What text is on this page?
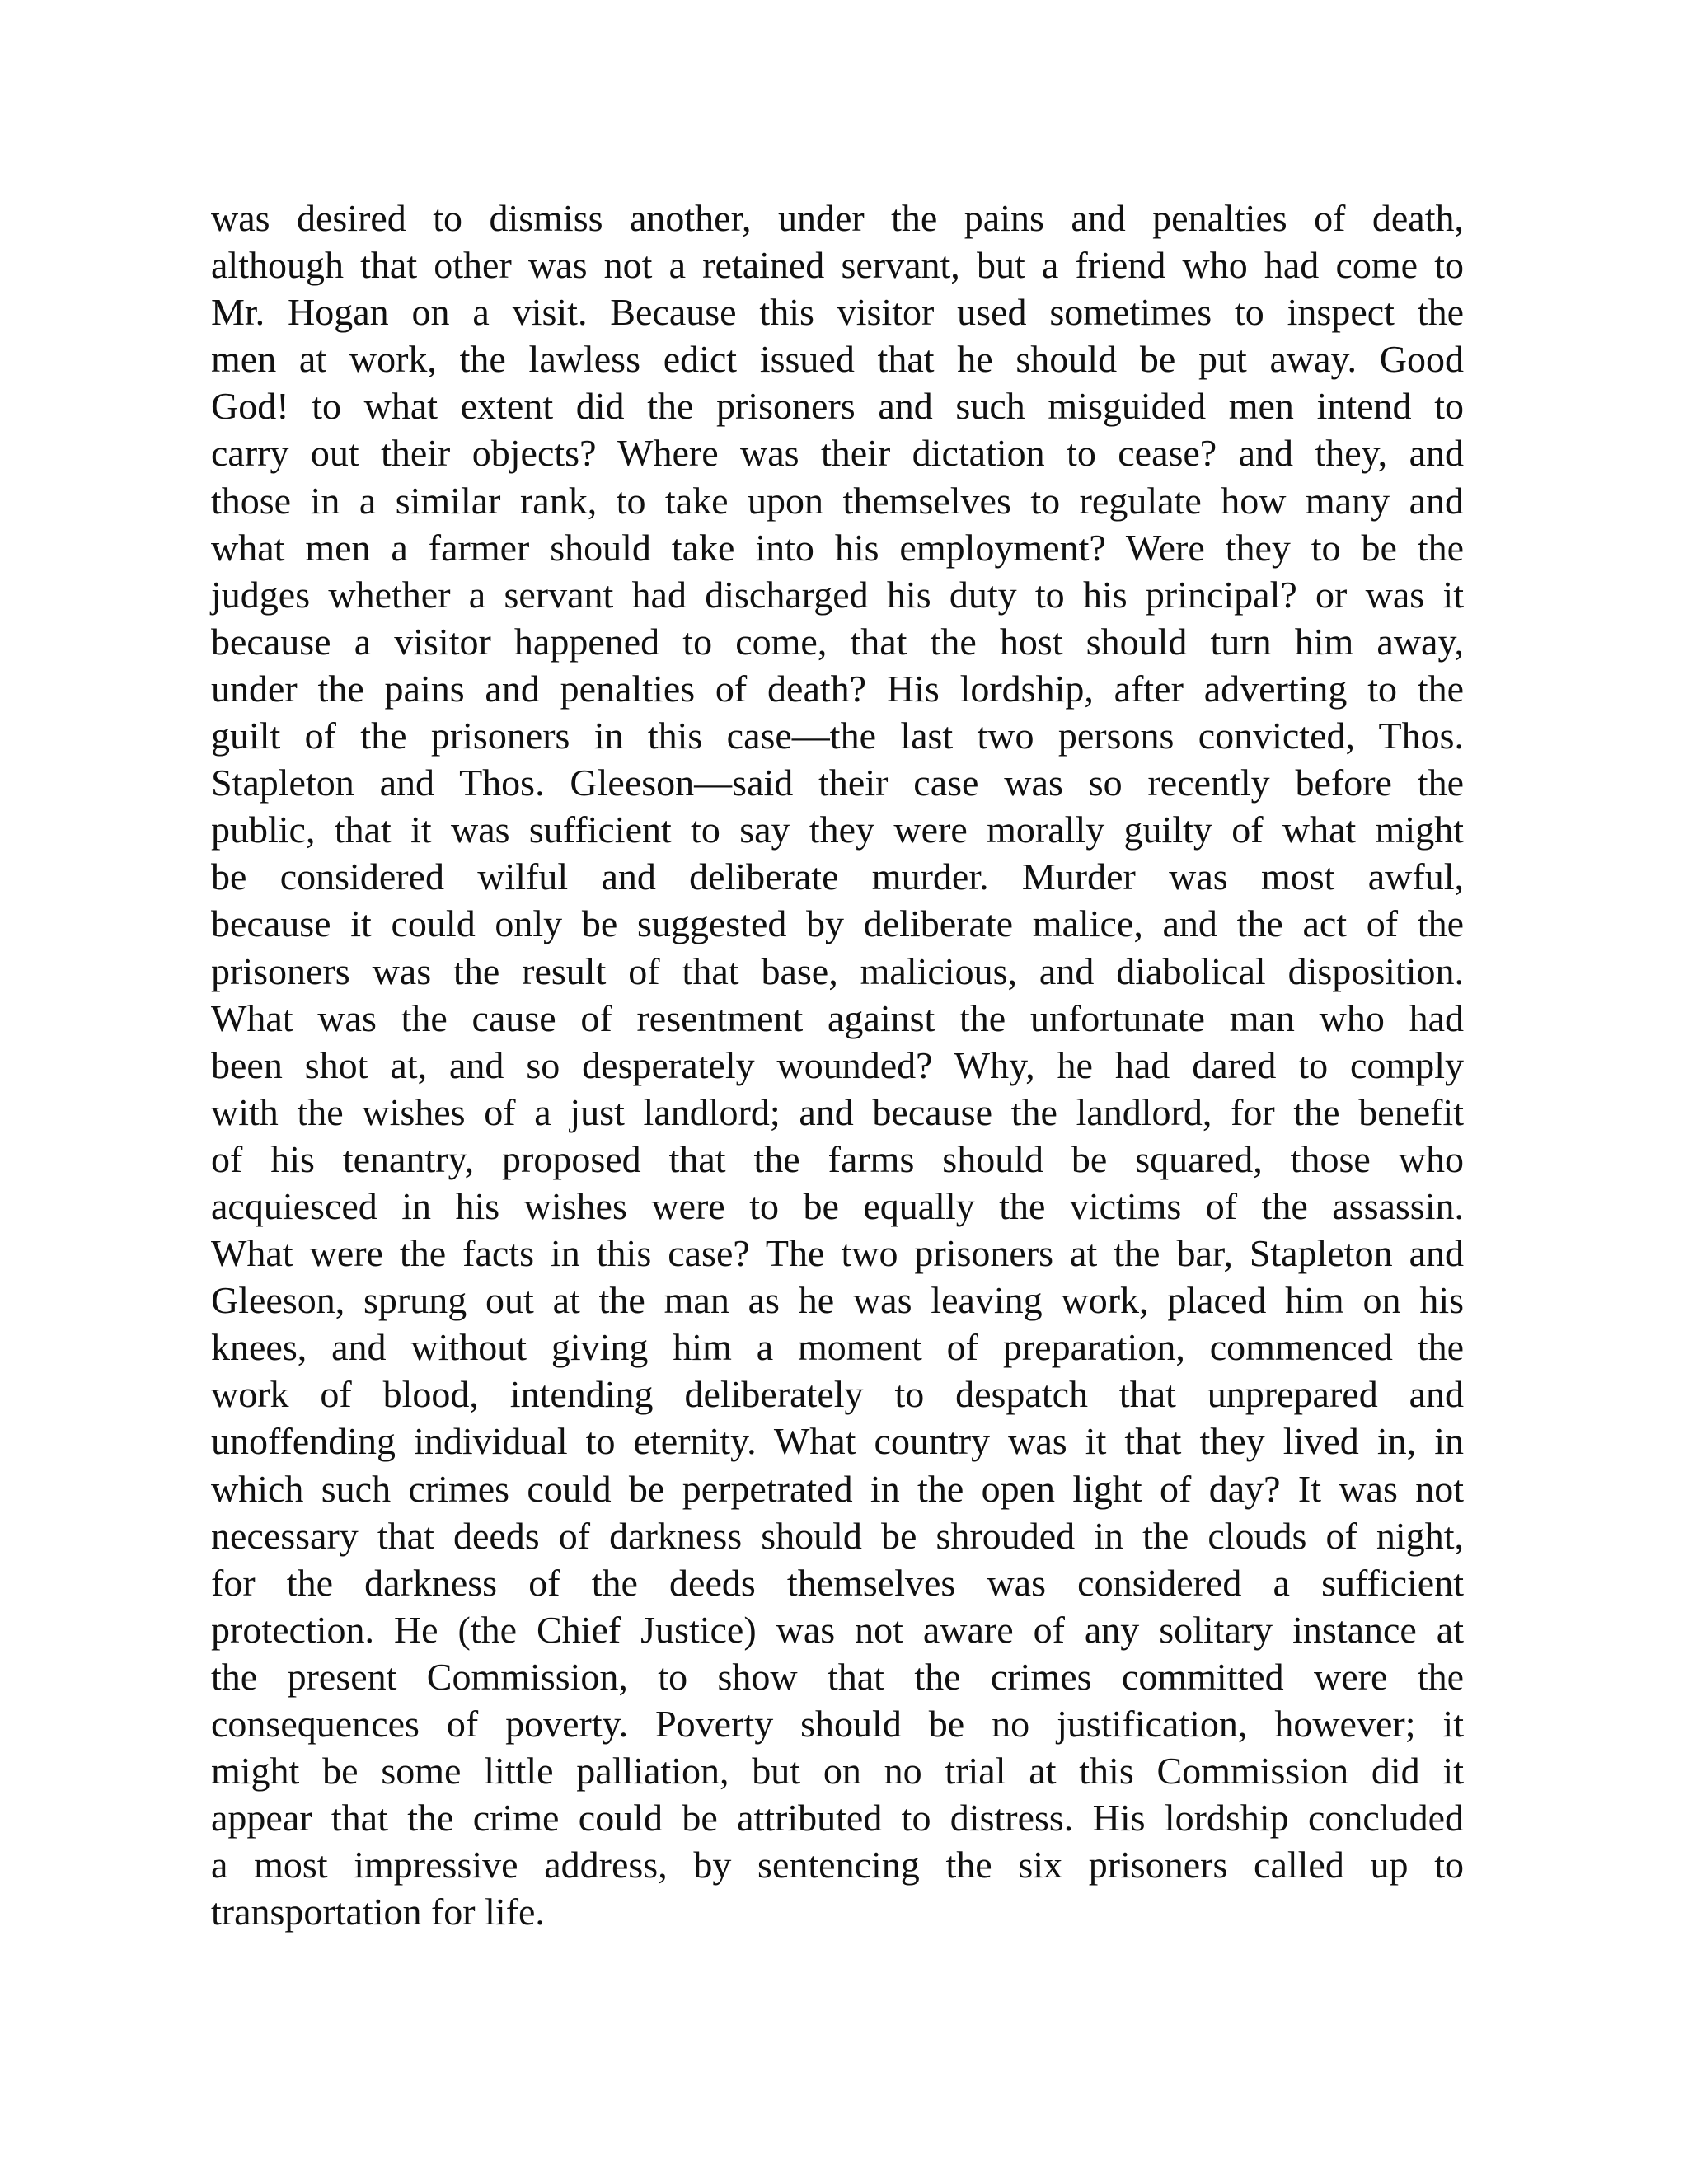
was desired to dismiss another, under the pains and penalties of death,
although that other was not a retained servant, but a friend who had come to
Mr. Hogan on a visit. Because this visitor used sometimes to inspect the
men at work, the lawless edict issued that he should be put away. Good
God! to what extent did the prisoners and such misguided men intend to
carry out their objects? Where was their dictation to cease? and they, and
those in a similar rank, to take upon themselves to regulate how many and
what men a farmer should take into his employment? Were they to be the
judges whether a servant had discharged his duty to his principal? or was it
because a visitor happened to come, that the host should turn him away,
under the pains and penalties of death? His lordship, after adverting to the
guilt of the prisoners in this case—the last two persons convicted, Thos.
Stapleton and Thos. Gleeson—said their case was so recently before the
public, that it was sufficient to say they were morally guilty of what might
be considered wilful and deliberate murder. Murder was most awful,
because it could only be suggested by deliberate malice, and the act of the
prisoners was the result of that base, malicious, and diabolical disposition.
What was the cause of resentment against the unfortunate man who had
been shot at, and so desperately wounded? Why, he had dared to comply
with the wishes of a just landlord; and because the landlord, for the benefit
of his tenantry, proposed that the farms should be squared, those who
acquiesced in his wishes were to be equally the victims of the assassin.
What were the facts in this case? The two prisoners at the bar, Stapleton and
Gleeson, sprung out at the man as he was leaving work, placed him on his
knees, and without giving him a moment of preparation, commenced the
work of blood, intending deliberately to despatch that unprepared and
unoffending individual to eternity. What country was it that they lived in, in
which such crimes could be perpetrated in the open light of day? It was not
necessary that deeds of darkness should be shrouded in the clouds of night,
for the darkness of the deeds themselves was considered a sufficient
protection. He (the Chief Justice) was not aware of any solitary instance at
the present Commission, to show that the crimes committed were the
consequences of poverty. Poverty should be no justification, however; it
might be some little palliation, but on no trial at this Commission did it
appear that the crime could be attributed to distress. His lordship concluded
a most impressive address, by sentencing the six prisoners called up to
transportation for life.
